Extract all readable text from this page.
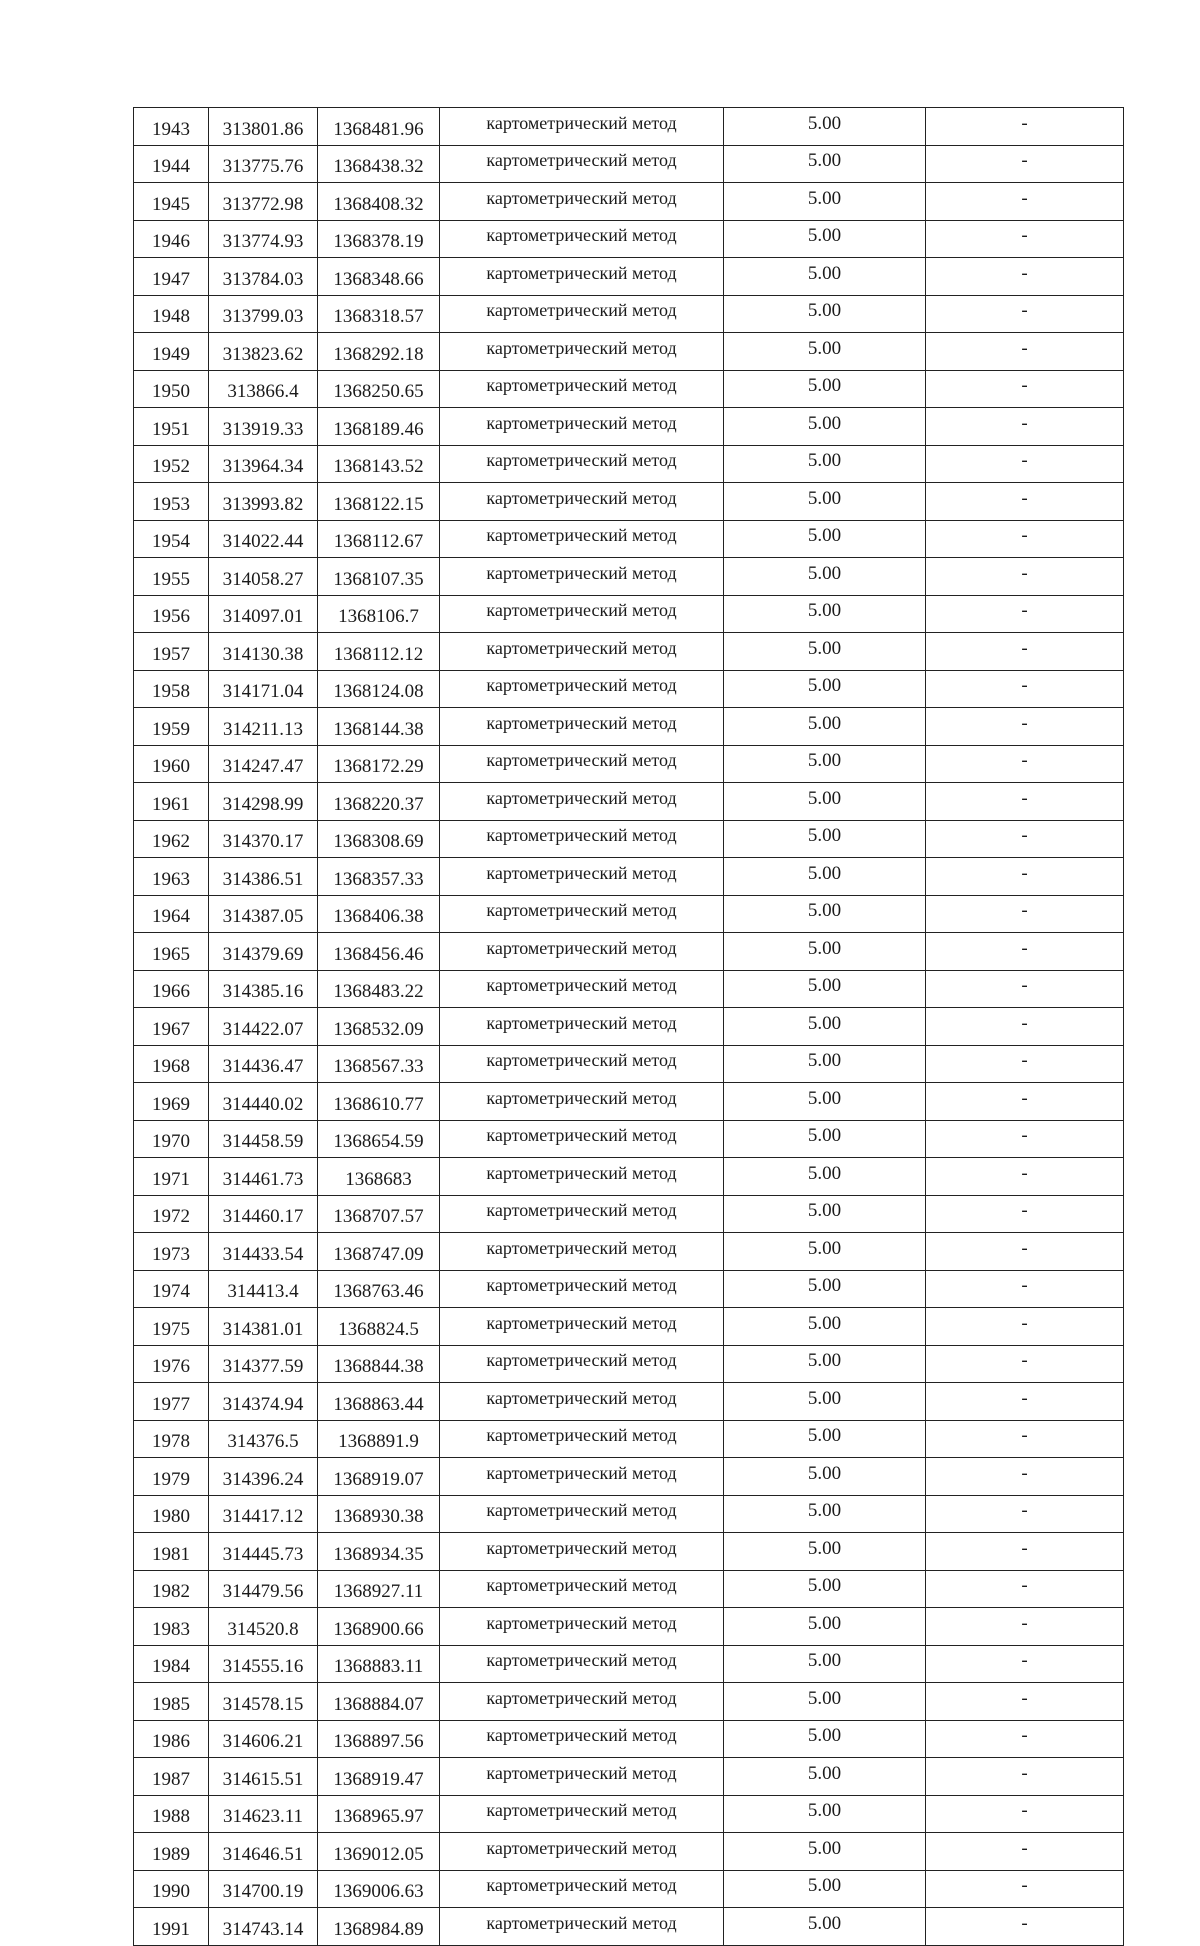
1943	313801.86	1368481.96	картометрический метод	5.00	-
1944	313775.76	1368438.32	картометрический метод	5.00	-
1945	313772.98	1368408.32	картометрический метод	5.00	-
1946	313774.93	1368378.19	картометрический метод	5.00	-
1947	313784.03	1368348.66	картометрический метод	5.00	-
1948	313799.03	1368318.57	картометрический метод	5.00	-
1949	313823.62	1368292.18	картометрический метод	5.00	-
1950	313866.4	1368250.65	картометрический метод	5.00	-
1951	313919.33	1368189.46	картометрический метод	5.00	-
1952	313964.34	1368143.52	картометрический метод	5.00	-
1953	313993.82	1368122.15	картометрический метод	5.00	-
1954	314022.44	1368112.67	картометрический метод	5.00	-
1955	314058.27	1368107.35	картометрический метод	5.00	-
1956	314097.01	1368106.7	картометрический метод	5.00	-
1957	314130.38	1368112.12	картометрический метод	5.00	-
1958	314171.04	1368124.08	картометрический метод	5.00	-
1959	314211.13	1368144.38	картометрический метод	5.00	-
1960	314247.47	1368172.29	картометрический метод	5.00	-
1961	314298.99	1368220.37	картометрический метод	5.00	-
1962	314370.17	1368308.69	картометрический метод	5.00	-
1963	314386.51	1368357.33	картометрический метод	5.00	-
1964	314387.05	1368406.38	картометрический метод	5.00	-
1965	314379.69	1368456.46	картометрический метод	5.00	-
1966	314385.16	1368483.22	картометрический метод	5.00	-
1967	314422.07	1368532.09	картометрический метод	5.00	-
1968	314436.47	1368567.33	картометрический метод	5.00	-
1969	314440.02	1368610.77	картометрический метод	5.00	-
1970	314458.59	1368654.59	картометрический метод	5.00	-
1971	314461.73	1368683	картометрический метод	5.00	-
1972	314460.17	1368707.57	картометрический метод	5.00	-
1973	314433.54	1368747.09	картометрический метод	5.00	-
1974	314413.4	1368763.46	картометрический метод	5.00	-
1975	314381.01	1368824.5	картометрический метод	5.00	-
1976	314377.59	1368844.38	картометрический метод	5.00	-
1977	314374.94	1368863.44	картометрический метод	5.00	-
1978	314376.5	1368891.9	картометрический метод	5.00	-
1979	314396.24	1368919.07	картометрический метод	5.00	-
1980	314417.12	1368930.38	картометрический метод	5.00	-
1981	314445.73	1368934.35	картометрический метод	5.00	-
1982	314479.56	1368927.11	картометрический метод	5.00	-
1983	314520.8	1368900.66	картометрический метод	5.00	-
1984	314555.16	1368883.11	картометрический метод	5.00	-
1985	314578.15	1368884.07	картометрический метод	5.00	-
1986	314606.21	1368897.56	картометрический метод	5.00	-
1987	314615.51	1368919.47	картометрический метод	5.00	-
1988	314623.11	1368965.97	картометрический метод	5.00	-
1989	314646.51	1369012.05	картометрический метод	5.00	-
1990	314700.19	1369006.63	картометрический метод	5.00	-
1991	314743.14	1368984.89	картометрический метод	5.00	-
